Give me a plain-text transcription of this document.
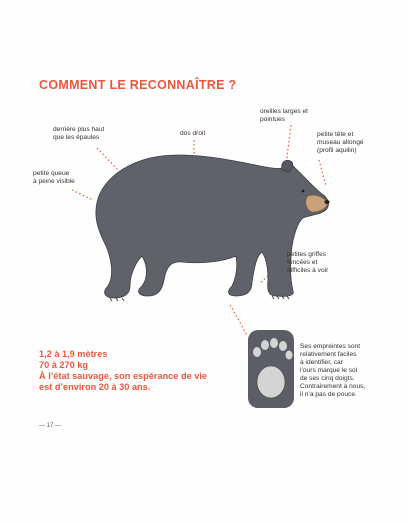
COMMENT LE RECONNAÎTRE ?
derrière plus haut
que les épaules
dos droit
oreilles larges et
pointues
petite tête et
museau allongé
(profil aquilin)
petite queue
à peine visible
petites griffes
foncées et
difficiles à voir
1,2 à 1,9 mètres
70 à 270 kg
À l’état sauvage, son espérance de vie
est d’environ 20 à 30 ans.
Ses empreintes sont
relativement faciles
à identifier, car
l’ours marque le sol
de ses cinq doigts.
Contrairement à nous,
il n’a pas de pouce.
— 17 —
